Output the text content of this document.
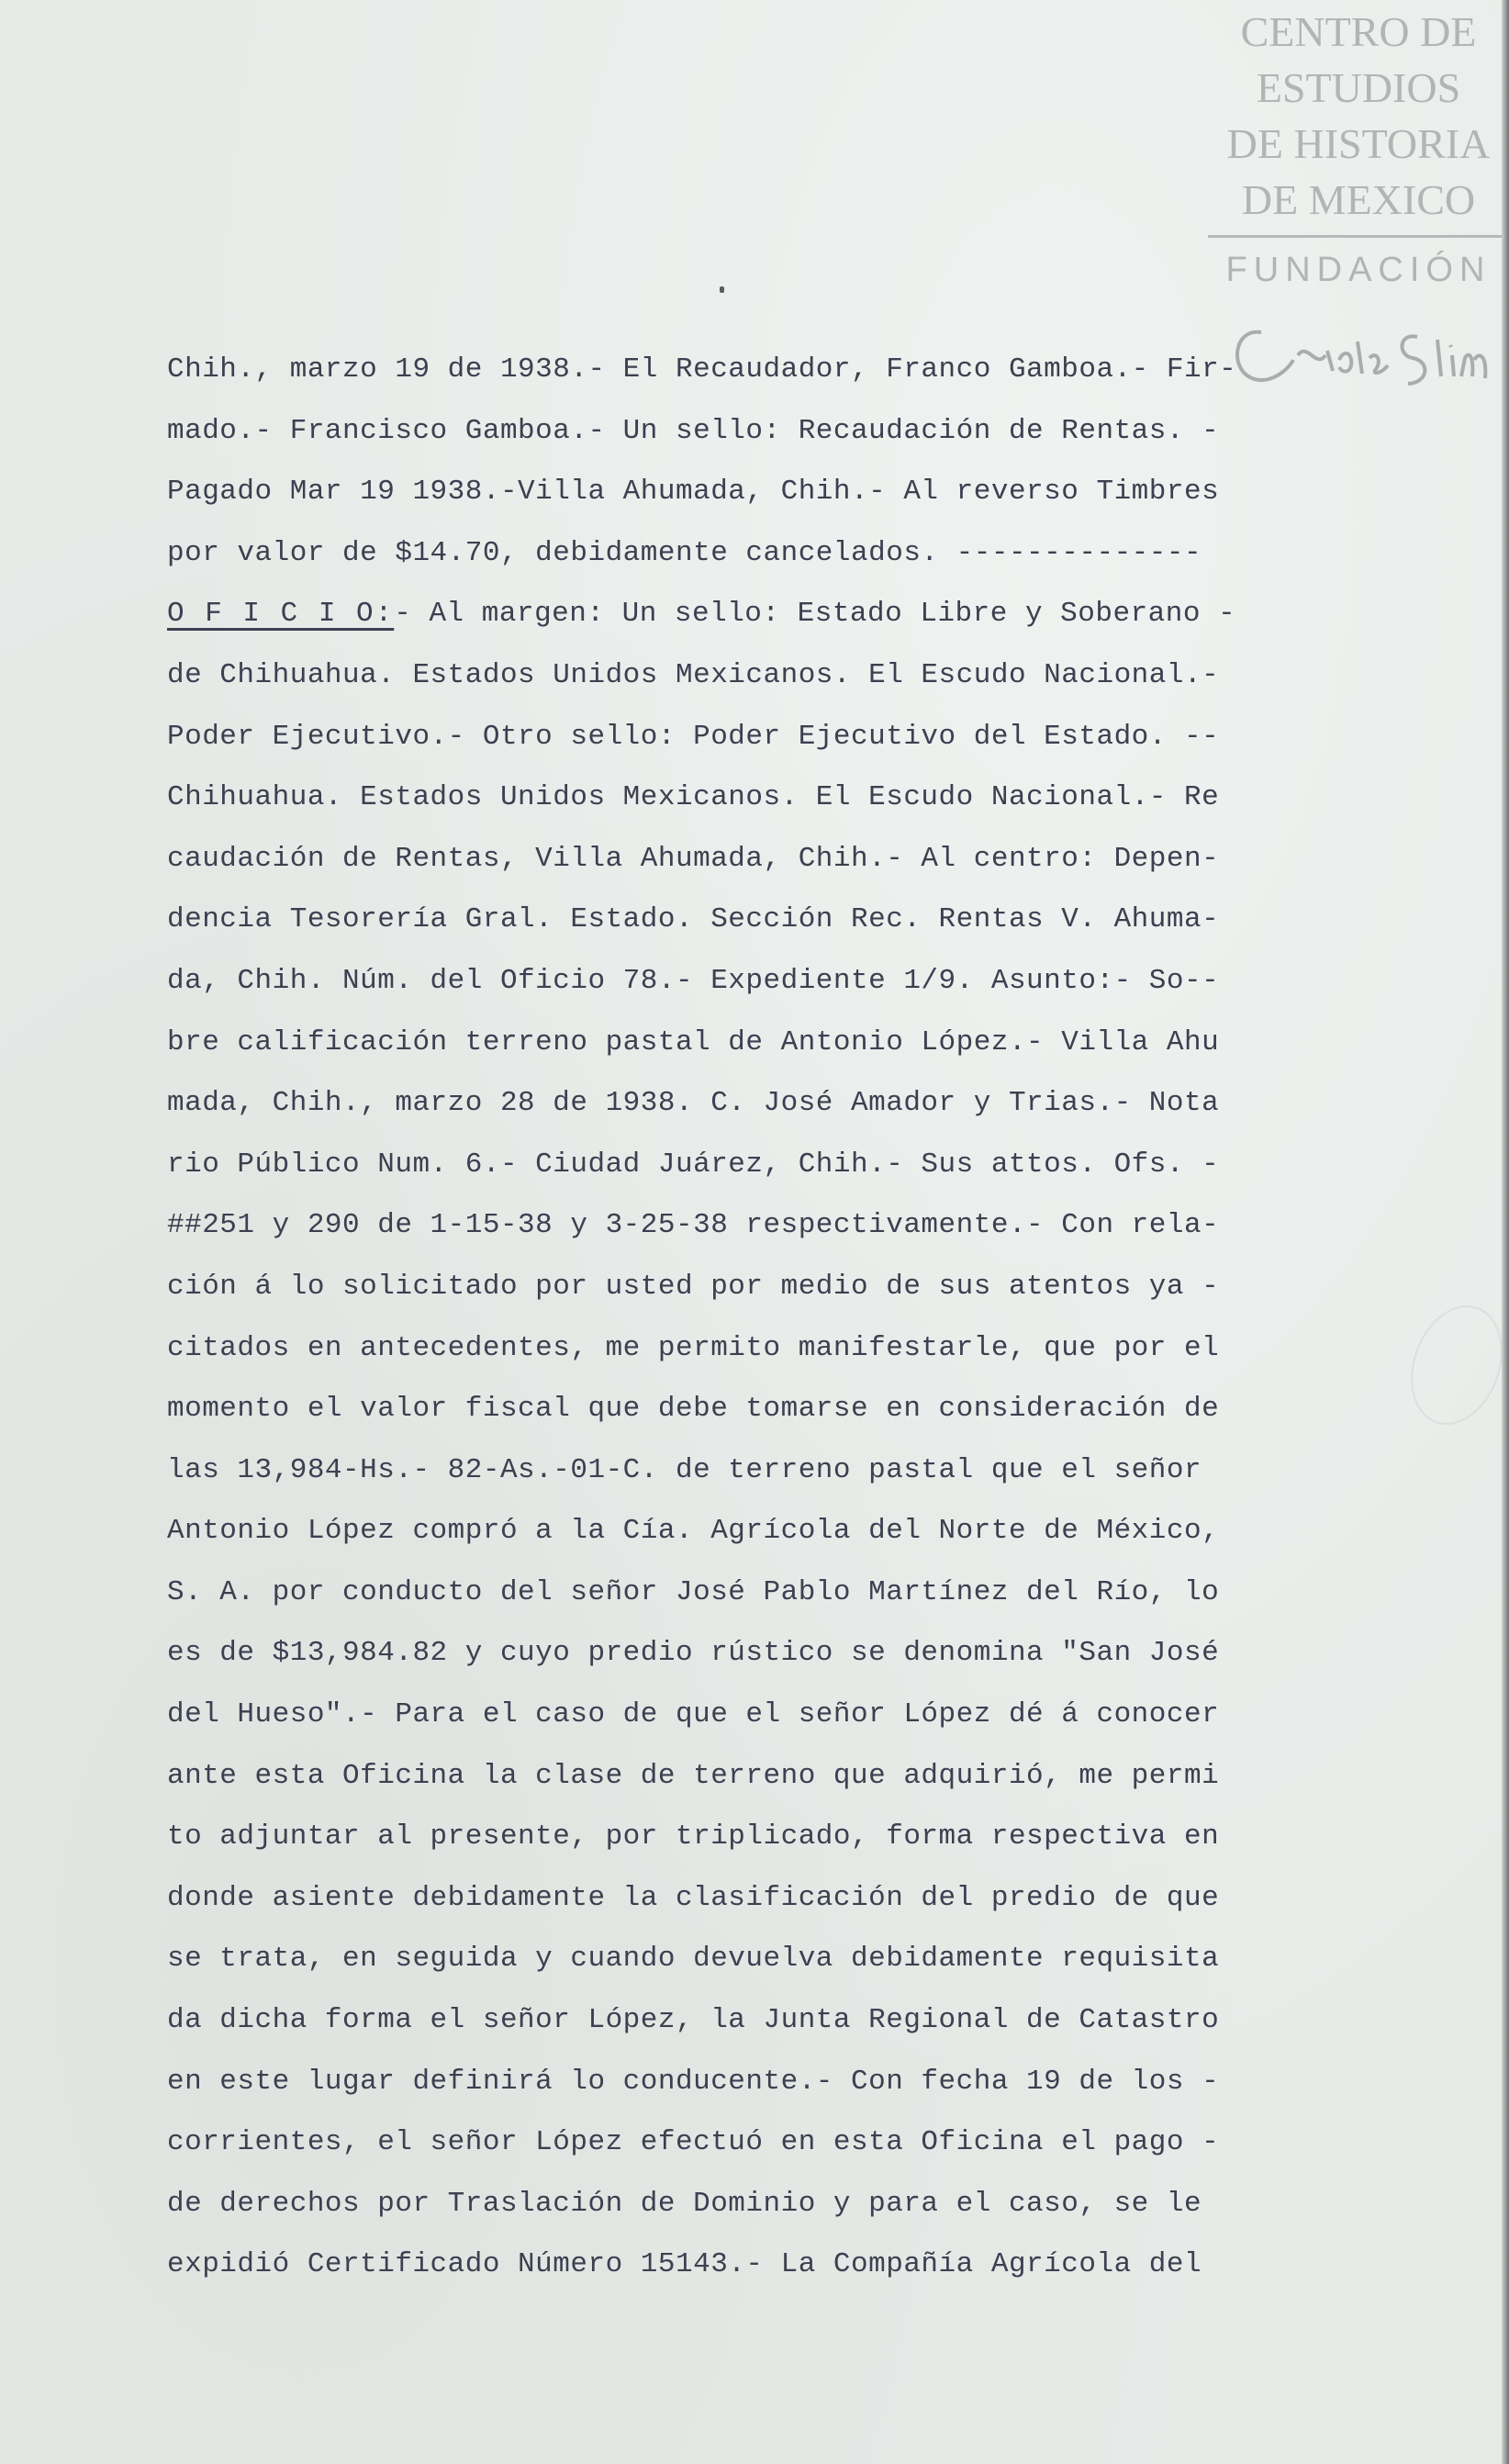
CENTRO DE
ESTUDIOS
DE HISTORIA
DE MEXICO
FUNDACIÓN
Chih., marzo 19 de 1938.- El Recaudador, Franco Gamboa.- Fir-
mado.- Francisco Gamboa.- Un sello: Recaudación de Rentas. -
Pagado Mar 19 1938.-Villa Ahumada, Chih.- Al reverso Timbres
por valor de $14.70, debidamente cancelados. --------------
O F I C I O:- Al margen: Un sello: Estado Libre y Soberano -
de Chihuahua. Estados Unidos Mexicanos. El Escudo Nacional.-
Poder Ejecutivo.- Otro sello: Poder Ejecutivo del Estado. --
Chihuahua. Estados Unidos Mexicanos. El Escudo Nacional.- Re
caudación de Rentas, Villa Ahumada, Chih.- Al centro: Depen-
dencia Tesorería Gral. Estado. Sección Rec. Rentas V. Ahuma-
da, Chih. Núm. del Oficio 78.- Expediente 1/9. Asunto:- So--
bre calificación terreno pastal de Antonio López.- Villa Ahu
mada, Chih., marzo 28 de 1938. C. José Amador y Trias.- Nota
rio Público Num. 6.- Ciudad Juárez, Chih.- Sus attos. Ofs. -
##251 y 290 de 1-15-38 y 3-25-38 respectivamente.- Con rela-
ción á lo solicitado por usted por medio de sus atentos ya -
citados en antecedentes, me permito manifestarle, que por el
momento el valor fiscal que debe tomarse en consideración de
las 13,984-Hs.- 82-As.-01-C. de terreno pastal que el señor
Antonio López compró a la Cía. Agrícola del Norte de México,
S. A. por conducto del señor José Pablo Martínez del Río, lo
es de $13,984.82 y cuyo predio rústico se denomina "San José
del Hueso".- Para el caso de que el señor López dé á conocer
ante esta Oficina la clase de terreno que adquirió, me permi
to adjuntar al presente, por triplicado, forma respectiva en
donde asiente debidamente la clasificación del predio de que
se trata, en seguida y cuando devuelva debidamente requisita
da dicha forma el señor López, la Junta Regional de Catastro
en este lugar definirá lo conducente.- Con fecha 19 de los -
corrientes, el señor López efectuó en esta Oficina el pago -
de derechos por Traslación de Dominio y para el caso, se le
expidió Certificado Número 15143.- La Compañía Agrícola del
